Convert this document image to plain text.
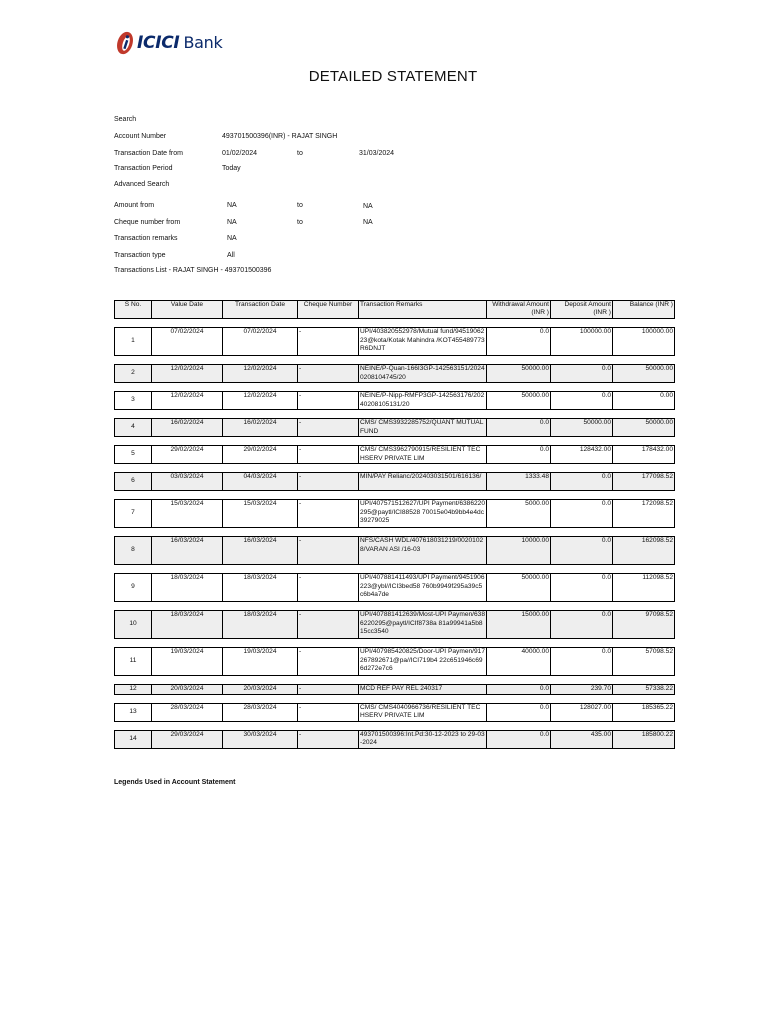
ICICI Bank
DETAILED STATEMENT
Search
Account Number	493701500396(INR) - RAJAT SINGH
Transaction Date from	01/02/2024	to	31/03/2024
Transaction Period	Today
Advanced Search
Amount from	NA	to	NA
Cheque number from	NA	to	NA
Transaction remarks	NA
Transaction type	All
Transactions List - RAJAT SINGH - 493701500396
S No.	Value Date	Transaction Date	Cheque Number	Transaction Remarks	Withdrawal Amount (INR )	Deposit Amount (INR )	Balance (INR )

1	07/02/2024	07/02/2024	-	UPI/403820552978/Mutual fund/9451906223@kota/Kotak Mahindra /KOT455489773R6DNJT	0.0	100000.00	100000.00

2	12/02/2024	12/02/2024	-	NEINE/P-Quan-166I3GP-142563151/20240208104745/20	50000.00	0.0	50000.00

3	12/02/2024	12/02/2024	-	NEINE/P-Nipp-RMFP3GP-142563176/20240208105131/20	50000.00	0.0	0.00

4	16/02/2024	16/02/2024	-	CMS/ CMS3932285752/QUANT MUTUAL FUND	0.0	50000.00	50000.00

5	29/02/2024	29/02/2024	-	CMS/ CMS3962790915/RESILIENT TECHSERV PRIVATE LIM	0.0	128432.00	178432.00

6	03/03/2024	04/03/2024	-	MIN/PAY Relianc/202403031501/616136/	1333.48	0.0	177098.52

7	15/03/2024	15/03/2024	-	UPI/407571512627/UPI Payment/6386220295@paytl/ICI88528 70015e04b9bb4e4dc39279025	5000.00	0.0	172098.52

8	16/03/2024	16/03/2024	-	NFS/CASH WDL/407618031219/00201028/VARAN ASI /16-03	10000.00	0.0	162098.52

9	18/03/2024	18/03/2024	-	UPI/407881411493/UPI Payment/9451906223@ybl//ICI3bed58 760b9949f295a39c5c6b4a7de	50000.00	0.0	112098.52

10	18/03/2024	18/03/2024	-	UPI/407881412639/Most-UPI Paymen/6386220295@paytl/ICIf8738a 81a99941a5b815cc3540	15000.00	0.0	97098.52

11	19/03/2024	19/03/2024	-	UPI/407985420825/Door-UPI Paymen/917267892671@pa//ICI719b4 22c651946c696d272e7c6	40000.00	0.0	57098.52

12	20/03/2024	20/03/2024	-	MCD REF PAY REL 240317	0.0	239.70	57338.22

13	28/03/2024	28/03/2024	-	CMS/ CMS4040966736/RESILIENT TECHSERV PRIVATE LIM	0.0	128027.00	185365.22

14	29/03/2024	30/03/2024	-	493701500396:Int.Pd:30-12-2023 to 29-03-2024	0.0	435.00	185800.22
Legends Used in Account Statement
